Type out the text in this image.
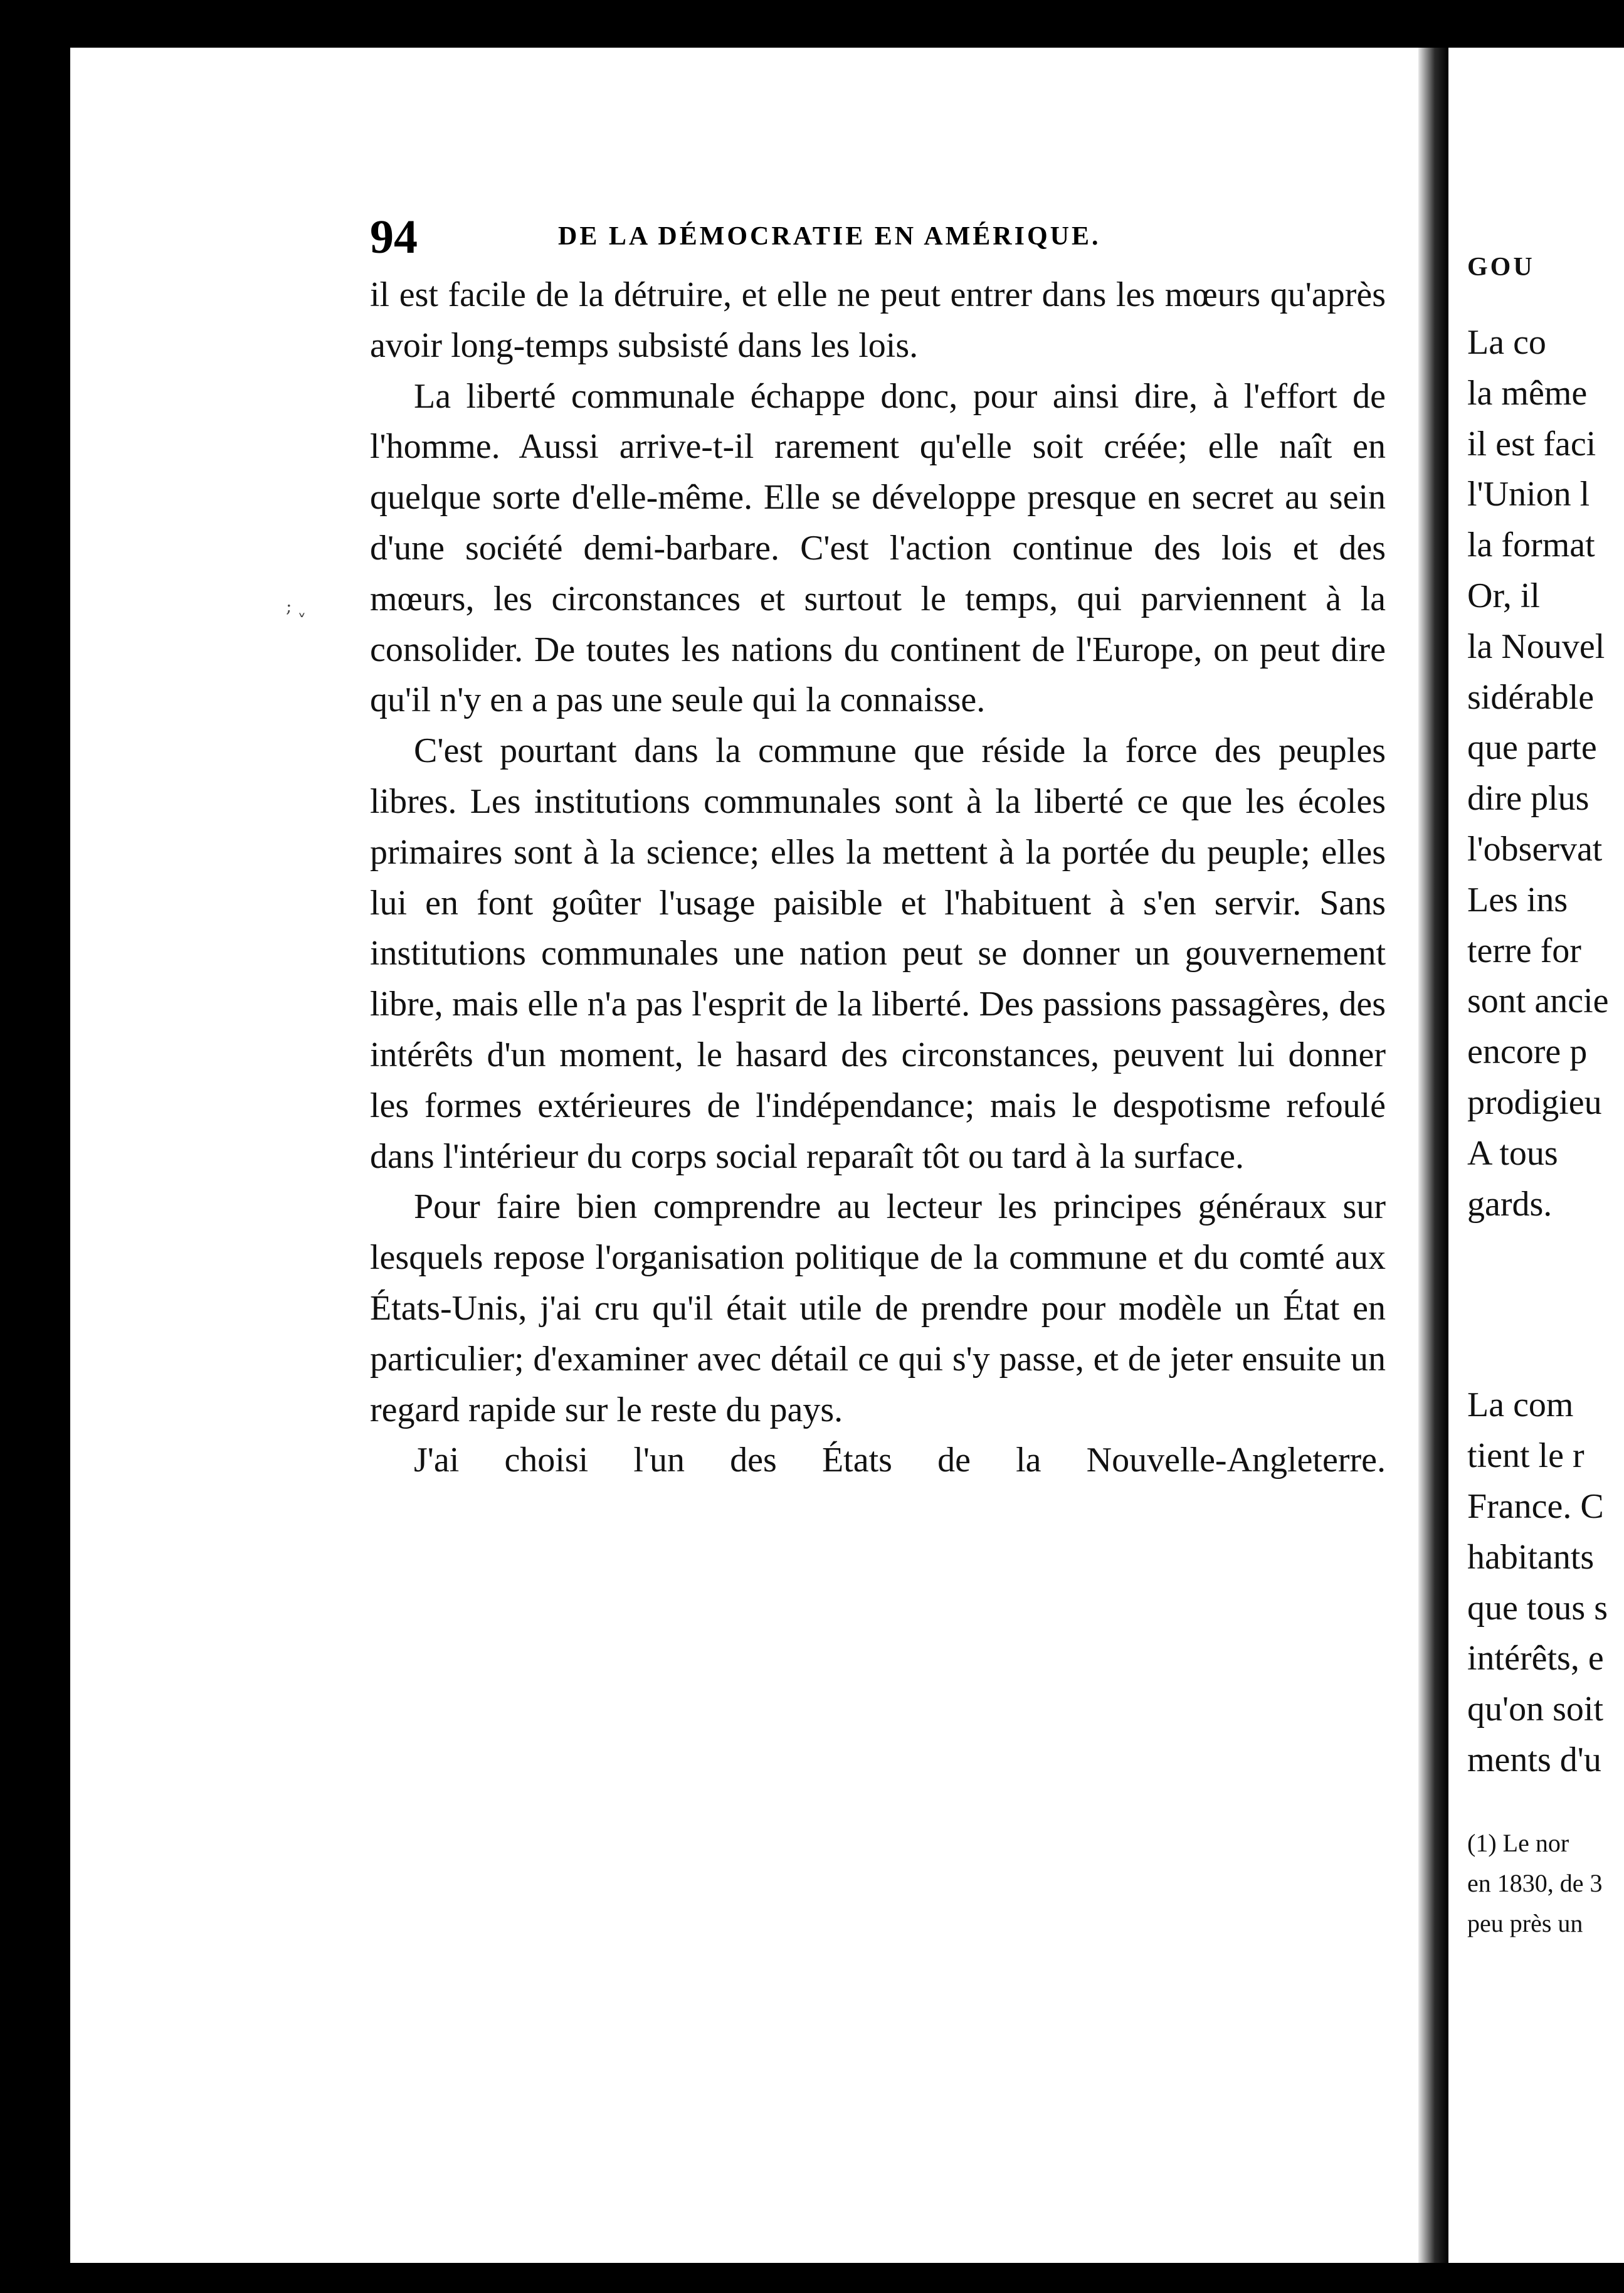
GOU
La co
la même
il est faci
l'Union l
la format
Or, il
la Nouvel
sidérable
que parte
dire plus
l'observat
Les ins
terre for
sont ancie
encore p
prodigieu
A tous
gards.
La com
tient le r
France. C
habitants
que tous s
intérêts, e
qu'on soit
ments d'u
(1) Le nor
en 1830, de 3
peu près un
94	DE LA DÉMOCRATIE EN AMÉRIQUE.
; ˬ

il est facile de la détruire, et elle ne peut entrer dans les mœurs qu'après avoir long-temps subsisté dans les lois.

La liberté communale échappe donc, pour ainsi dire, à l'effort de l'homme. Aussi arrive-t-il rarement qu'elle soit créée; elle naît en quelque sorte d'elle-même. Elle se développe presque en secret au sein d'une société demi-barbare. C'est l'action continue des lois et des mœurs, les circonstances et surtout le temps, qui parviennent à la consolider. De toutes les nations du continent de l'Europe, on peut dire qu'il n'y en a pas une seule qui la connaisse.

C'est pourtant dans la commune que réside la force des peuples libres. Les institutions communales sont à la liberté ce que les écoles primaires sont à la science; elles la mettent à la portée du peuple; elles lui en font goûter l'usage paisible et l'habituent à s'en servir. Sans institutions communales une nation peut se donner un gouvernement libre, mais elle n'a pas l'esprit de la liberté. Des passions passagères, des intérêts d'un moment, le hasard des circonstances, peuvent lui donner les formes extérieures de l'indépendance; mais le despotisme refoulé dans l'intérieur du corps social reparaît tôt ou tard à la surface.

Pour faire bien comprendre au lecteur les principes généraux sur lesquels repose l'organisation politique de la commune et du comté aux États-Unis, j'ai cru qu'il était utile de prendre pour modèle un État en particulier; d'examiner avec détail ce qui s'y passe, et de jeter ensuite un regard rapide sur le reste du pays.

J'ai choisi l'un des États de la Nouvelle-Angleterre.
